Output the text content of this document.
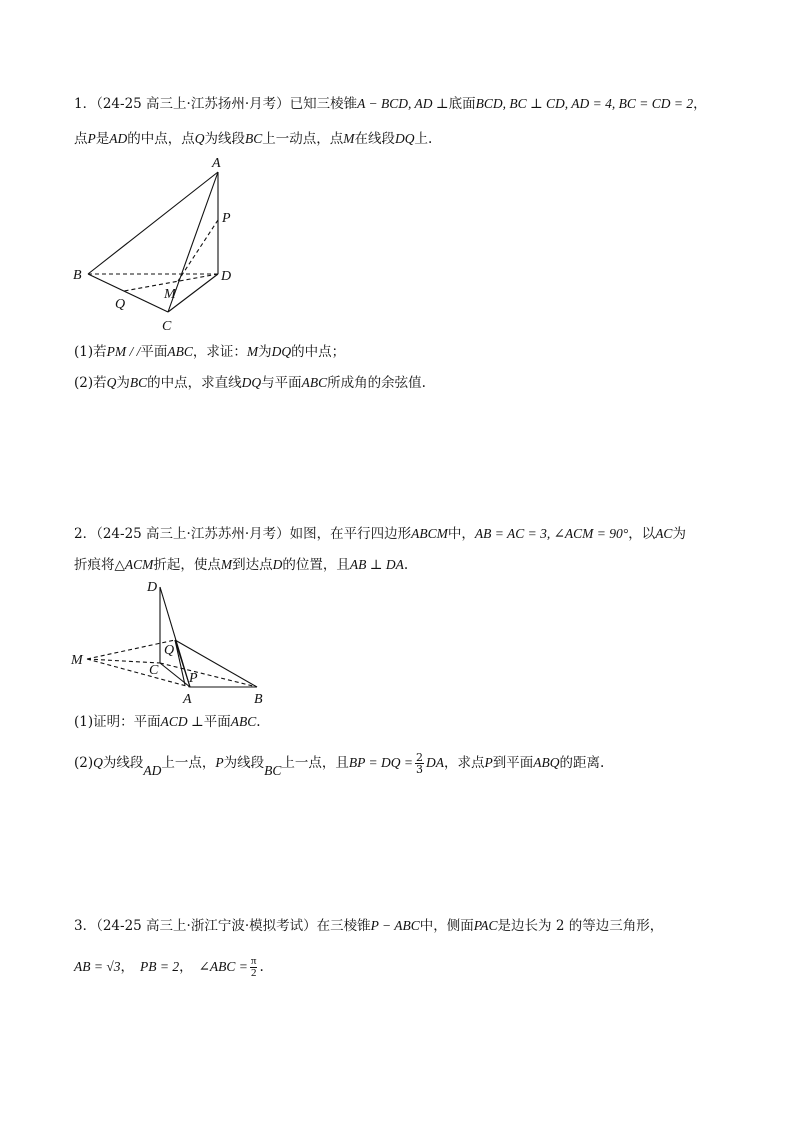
1．（24-25 高三上·江苏扬州·月考）已知三棱锥A − BCD, AD ⊥底面BCD, BC ⊥ CD, AD = 4, BC = CD = 2，
点P是AD的中点，点Q为线段BC上一动点，点M在线段DQ上.
A
P
B	D
Q
M
C
(1)若PM / /平面ABC，求证：M为DQ的中点；
(2)若Q为BC的中点，求直线DQ与平面ABC所成角的余弦值.
2．（24-25 高三上·江苏苏州·月考）如图，在平行四边形ABCM中，AB = AC = 3, ∠ACM = 90°，以AC为
折痕将△ACM折起，使点M到达点D的位置，且AB ⊥ DA.
D
Q
M
C
P
A	B
(1)证明：平面ACD ⊥平面ABC.
(2)Q为线段AD上一点，P为线段BC上一点，且BP = DQ = $\frac{2}{3}$ DA，求点P到平面ABQ的距离.
3．（24-25 高三上·浙江宁波·模拟考试）在三棱锥P − ABC中，侧面PAC是边长为 2 的等边三角形，
AB = √3， PB = 2， ∠ABC = $\frac{\pi}{2}$ .
